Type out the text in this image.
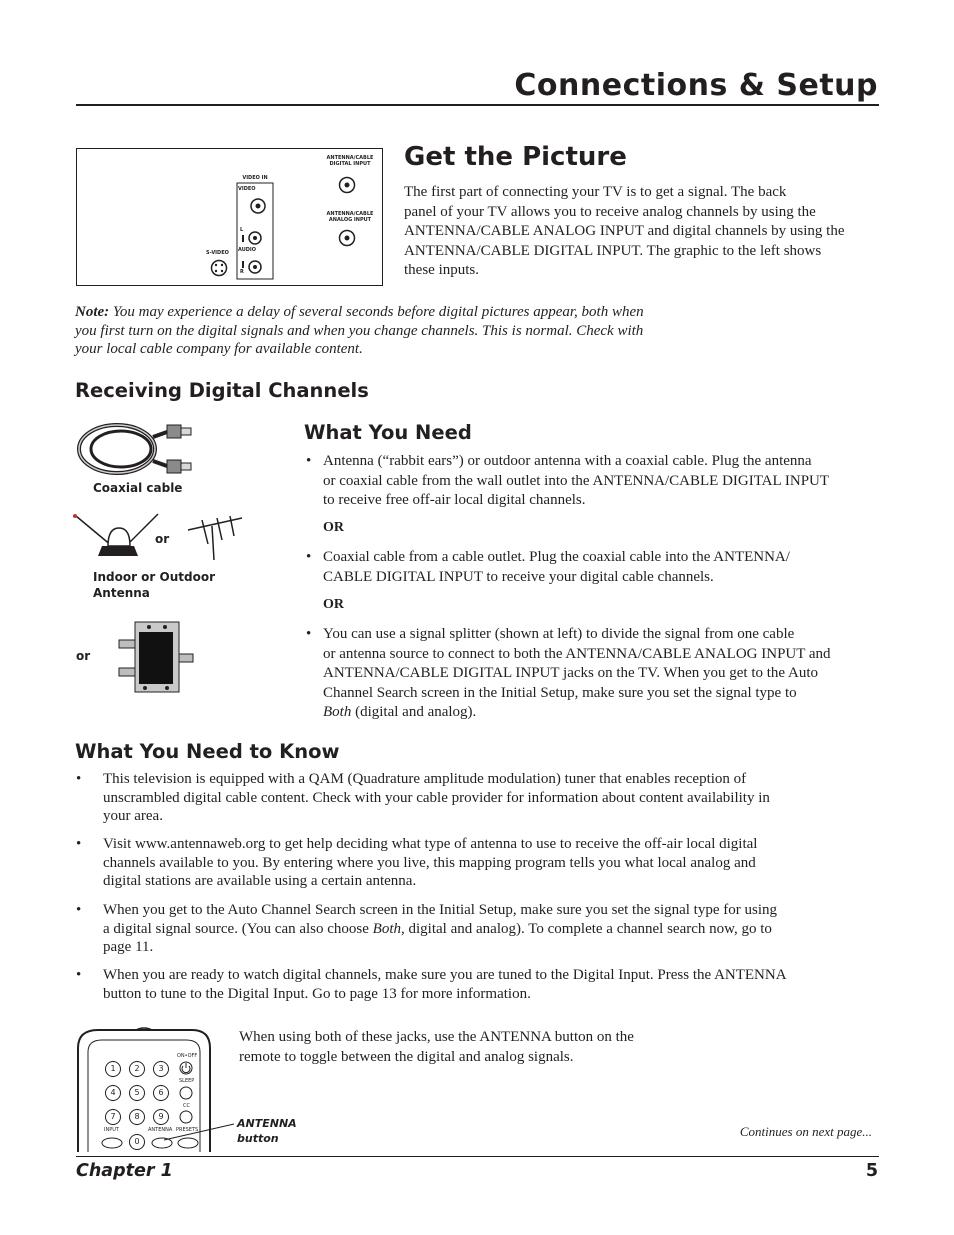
Connections & Setup
VIDEO IN
VIDEO
AUDIO
L
R
S-VIDEO
ANTENNA/CABLE DIGITAL INPUT
ANTENNA/CABLE ANALOG INPUT
Get the Picture
The first part of connecting your TV is to get a signal. The back
panel of your TV allows you to receive analog channels by using the
ANTENNA/CABLE ANALOG INPUT and digital channels by using the
ANTENNA/CABLE DIGITAL INPUT. The graphic to the left shows
these inputs.
Note: You may experience a delay of several seconds before digital pictures appear, both when
you first turn on the digital signals and when you change channels. This is normal. Check with
your local cable company for available content.
Receiving Digital Channels
Coaxial cable
or
Indoor or Outdoor
Antenna
or
What You Need
• Antenna (“rabbit ears”) or outdoor antenna with a coaxial cable. Plug the antenna
or coaxial cable from the wall outlet into the ANTENNA/CABLE DIGITAL INPUT
to receive free off-air local digital channels.
OR
• Coaxial cable from a cable outlet. Plug the coaxial cable into the ANTENNA/
CABLE DIGITAL INPUT to receive your digital cable channels.
OR
• You can use a signal splitter (shown at left) to divide the signal from one cable
or antenna source to connect to both the ANTENNA/CABLE ANALOG INPUT and
ANTENNA/CABLE DIGITAL INPUT jacks on the TV. When you get to the Auto
Channel Search screen in the Initial Setup, make sure you set the signal type to
Both (digital and analog).
What You Need to Know
• This television is equipped with a QAM (Quadrature amplitude modulation) tuner that enables reception of
unscrambled digital cable content. Check with your cable provider for information about content availability in
your area.
• Visit www.antennaweb.org to get help deciding what type of antenna to use to receive the off-air local digital
channels available to you. By entering where you live, this mapping program tells you what local analog and
digital stations are available using a certain antenna.
• When you get to the Auto Channel Search screen in the Initial Setup, make sure you set the signal type for using
a digital signal source. (You can also choose Both, digital and analog). To complete a channel search now, go to
page 11.
• When you are ready to watch digital channels, make sure you are tuned to the Digital Input. Press the ANTENNA
button to tune to the Digital Input. Go to page 13 for more information.
1	2	3
4	5	6
7	8	9
0
ON•OFF
SLEEP
CC
INPUT	ANTENNA PRESETS	ANTENNA
button
When using both of these jacks, use the ANTENNA button on the
remote to toggle between the digital and analog signals.
Continues on next page...
Chapter 1	5
